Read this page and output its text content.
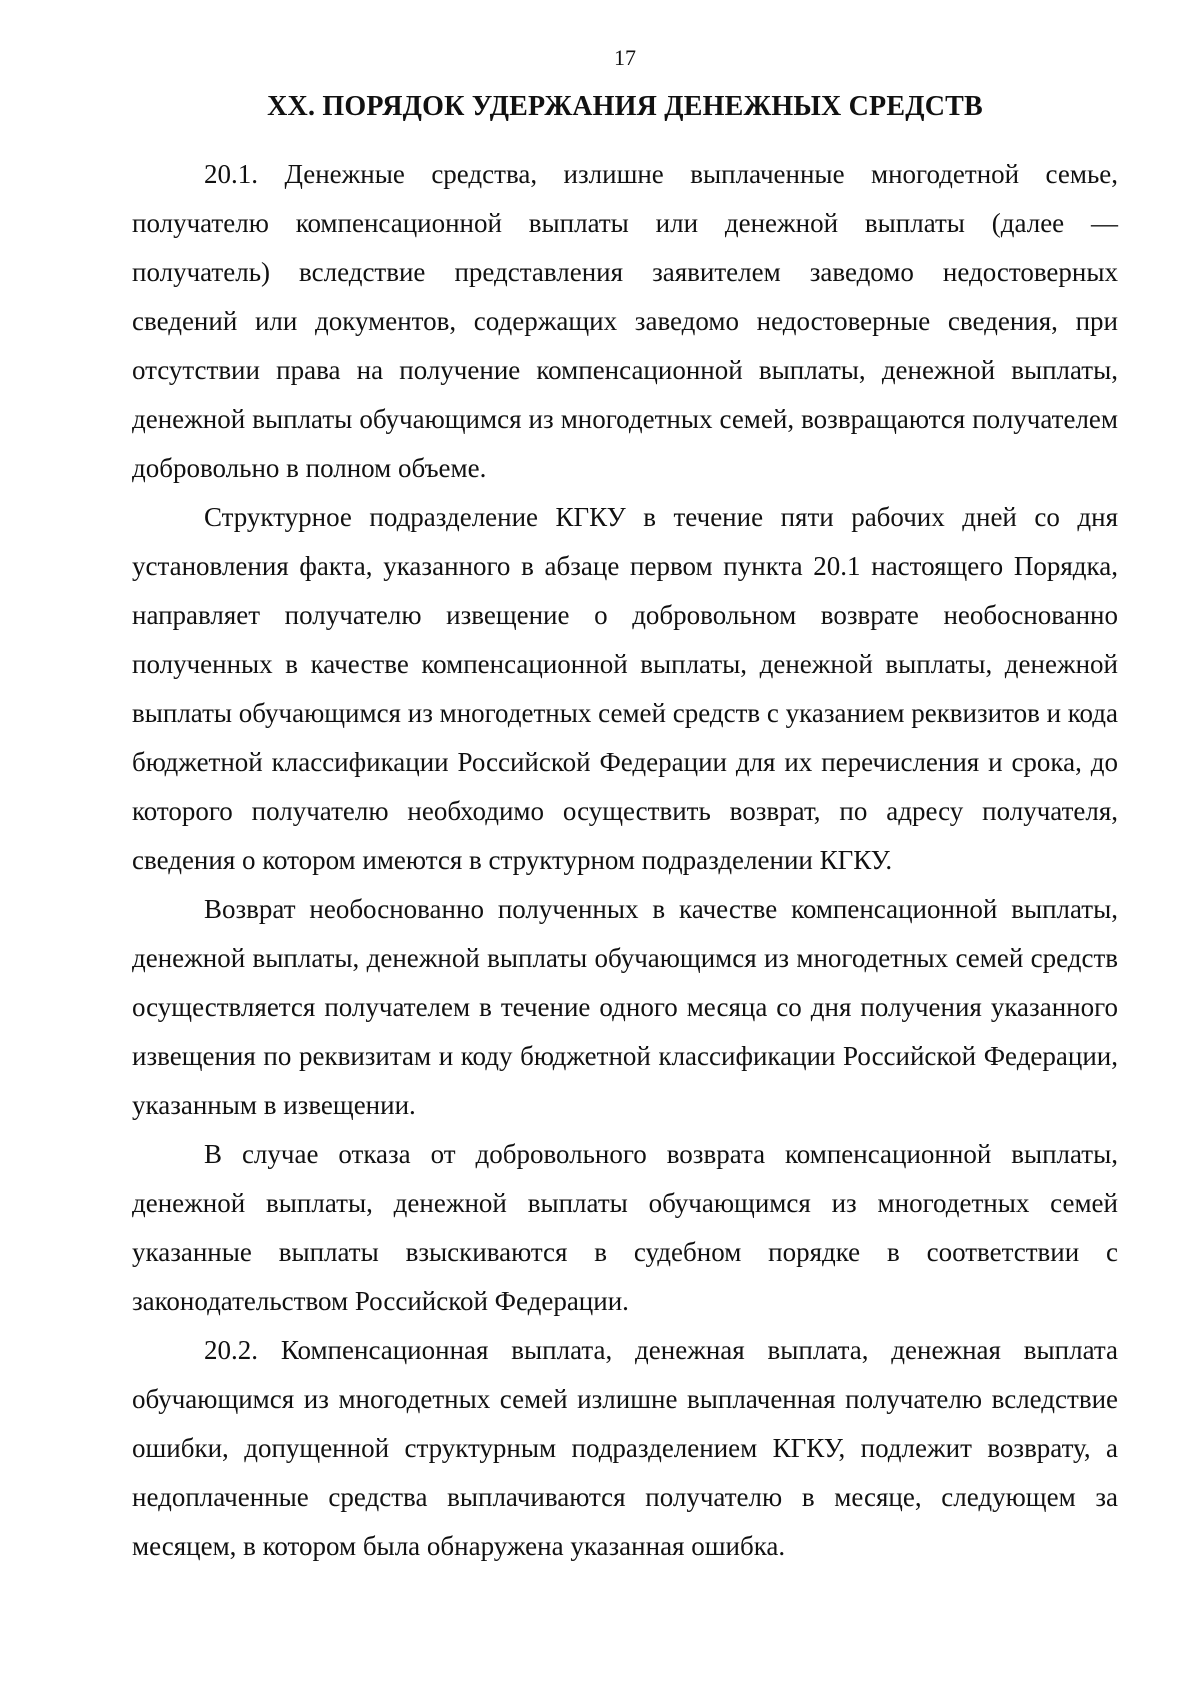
17
XX. ПОРЯДОК УДЕРЖАНИЯ ДЕНЕЖНЫХ СРЕДСТВ

20.1. Денежные средства, излишне выплаченные многодетной семье, получателю компенсационной выплаты или денежной выплаты (далее — получатель) вследствие представления заявителем заведомо недостоверных сведений или документов, содержащих заведомо недостоверные сведения, при отсутствии права на получение компенсационной выплаты, денежной выплаты, денежной выплаты обучающимся из многодетных семей, возвращаются получателем добровольно в полном объеме.

Структурное подразделение КГКУ в течение пяти рабочих дней со дня установления факта, указанного в абзаце первом пункта 20.1 настоящего Порядка, направляет получателю извещение о добровольном возврате необоснованно полученных в качестве компенсационной выплаты, денежной выплаты, денежной выплаты обучающимся из многодетных семей средств с указанием реквизитов и кода бюджетной классификации Российской Федерации для их перечисления и срока, до которого получателю необходимо осуществить возврат, по адресу получателя, сведения о котором имеются в структурном подразделении КГКУ.

Возврат необоснованно полученных в качестве компенсационной выплаты, денежной выплаты, денежной выплаты обучающимся из многодетных семей средств осуществляется получателем в течение одного месяца со дня получения указанного извещения по реквизитам и коду бюджетной классификации Российской Федерации, указанным в извещении.

В случае отказа от добровольного возврата компенсационной выплаты, денежной выплаты, денежной выплаты обучающимся из многодетных семей указанные выплаты взыскиваются в судебном порядке в соответствии с законодательством Российской Федерации.

20.2. Компенсационная выплата, денежная выплата, денежная выплата обучающимся из многодетных семей излишне выплаченная получателю вследствие ошибки, допущенной структурным подразделением КГКУ, подлежит возврату, а недоплаченные средства выплачиваются получателю в месяце, следующем за месяцем, в котором была обнаружена указанная ошибка.
